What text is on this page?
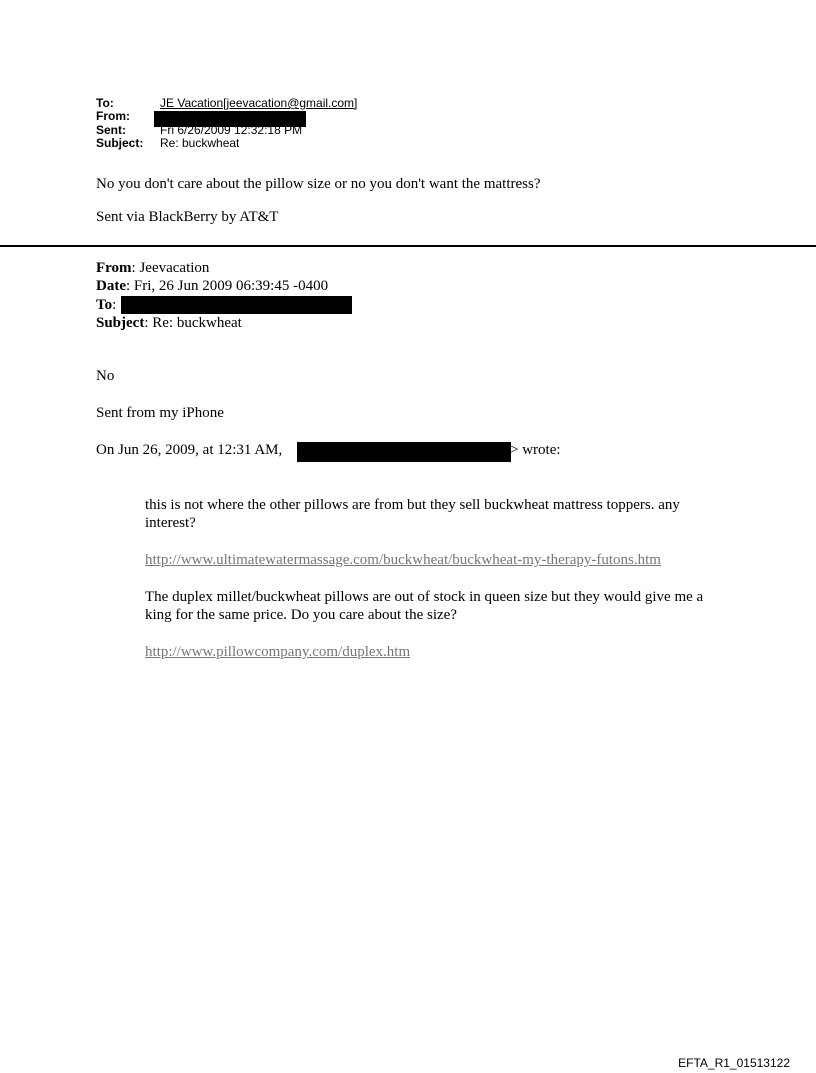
To:	JE Vacation[jeevacation@gmail.com]
From:
Sent:	Fri 6/26/2009 12:32:18 PM
Subject: Re: buckwheat
No you don't care about the pillow size or no you don't want the mattress?
Sent via BlackBerry by AT&T
From: Jeevacation
Date: Fri, 26 Jun 2009 06:39:45 -0400
To:
Subject: Re: buckwheat
No
Sent from my iPhone
On Jun 26, 2009, at 12:31 AM,	> wrote:
this is not where the other pillows are from but they sell buckwheat mattress toppers. any interest?
http://www.ultimatewatermassage.com/buckwheat/buckwheat-my-therapy-futons.htm
The duplex millet/buckwheat pillows are out of stock in queen size but they would give me a king for the same price. Do you care about the size?
http://www.pillowcompany.com/duplex.htm
EFTA_R1_01513122
